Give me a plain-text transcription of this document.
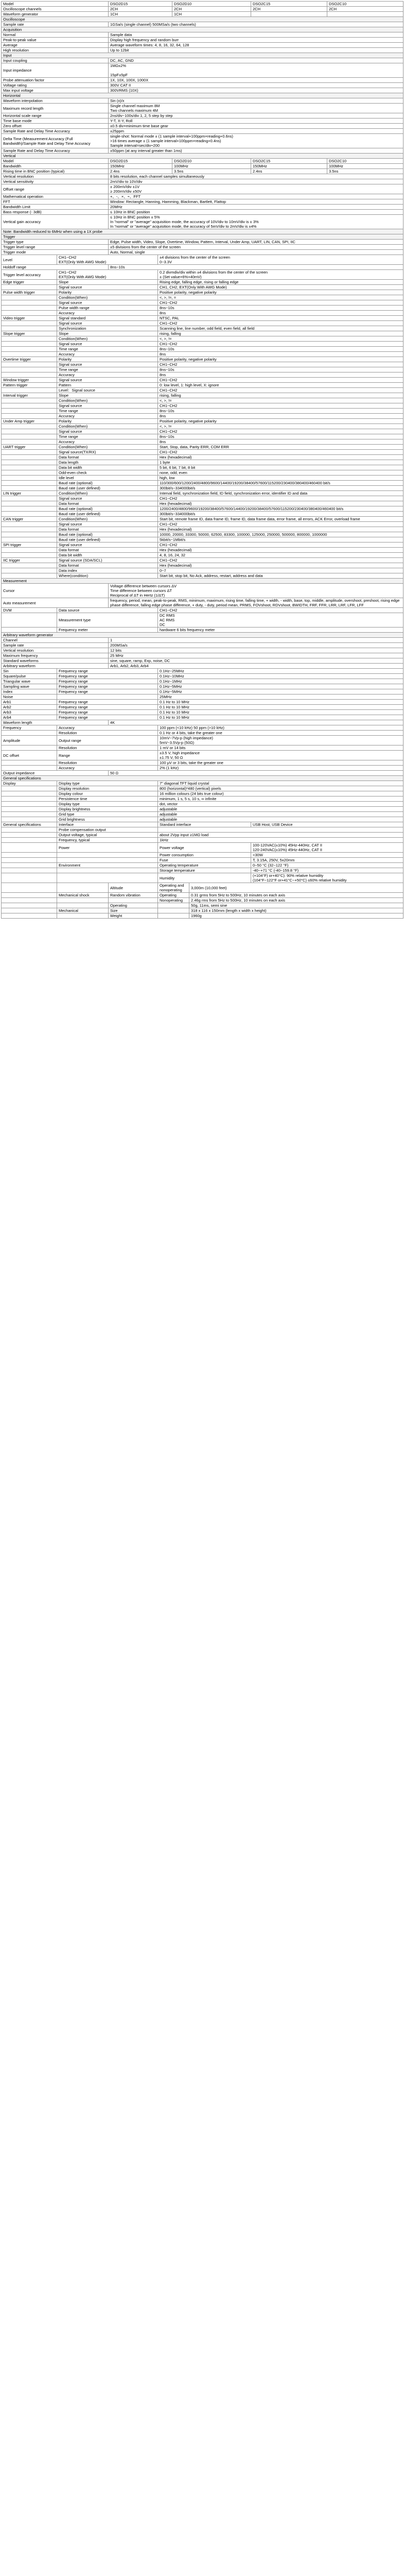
Model		DSO2D15		DSO2D10		DSO2C15	DSO2C10
Oscilloscope channels		2CH		2CH		2CH	2CH
Waveform generator		1CH		1CH			
Oscilloscope							
Sample rate		1GSa/s (single channel) 500MSa/s (two channels)					
Acquisition							
Normal		Sample data					
Peak-to-peak value		Display high frequency and random burr					
Average		Average waveform times: 4, 8, 16, 32, 64, 128					
High resolution		Up to 12bit					
Input							
Input coupling		DC, AC, GND					
Input impedance		1MΩ±2%

15pF±5pF					
Probe attenuation factor		1X, 10X, 100X, 1000X					
Voltage rating		300V CAT II					
Max input voltage		300VRMS (10X)					
Horizontal							
Waveform interpolation		Sin (x)/x					
Maximum record length		Single channel maximum 8M
Two channels maximum 4M					
Horizontal scale range		2ns/div~100s/div 1, 2, 5 step by step					
Time base mode		Y-T, X-Y, Roll					
Zero offset		±0.5 div×minimum time base gear					
Sample Rate and Delay Time Accuracy		±25ppm					
Delta Time (Measurement Accuracy (Full Bandwidth)/Sample Rate and Delay Time Accuracy		single-shot: Normal mode ± (1 sample interval+100ppm×reading+0.6ns)
>16 times average ± (1 sample interval+100ppm×reading+0.4ns)
Sample interval=sec/div÷200					
Sample Rate and Delay Time Accuracy		±50ppm (at any interval greater than 1ms)					
Vertical							
Model		DSO2D15		DSO2D10		DSO2C15	DSO2C10
Bandwidth		150MHz		100MHz		150MHz	100MHz
Rising time in BNC position (typical)		2.4ns		3.5ns		2.4ns	3.5ns
Vertical resolution		8 bits resolution, each channel samples simultaneously					
Vertical sensitivity		2mV/div to 10V/div					
Offset range		± 200mV/div ±1V
≥ 200mV/div ±50V					
Mathematical operation		+、-、×、÷、FFT					
FFT		Window: Rectangle, Hanning, Hamming, Blackman, Bartlett, Flattop					
Bandwidth Limit		20MHz					
Bass response (- 3dB)		≤ 10Hz in BNC position					
Vertical gain accuracy		≤ 10Hz in BNC position ± 5%
In "normal" or "average" acquisition mode, the accuracy of 10V/div to 10mV/div is ± 3%
In "normal" or "average" acquisition mode, the accuracy of 5mV/div to 2mV/div is ±4%					
Note: Bandwidth reduced to 6MHz when using a 1X probe							
Trigger							
Trigger type		Edge, Pulse width, Video, Slope, Overtime, Window, Pattern, Interval, Under Amp, UART, LIN, CAN, SPI, IIC					
Trigger level range		±5 divisions from the center of the screen					
Trigger mode		Auto, Normal, single					
Level	CH1~CH2
EXT(Only With AWG Mode)		±4 divisions from the center of the screen
0~3.3V				
Holdoff range		8ns~10s					
Trigger level accuracy	CH1~CH2
EXT(Only With AWG Mode)		0.2 divmdiv/div within ±4 divisions from the center of the screen
± (Set value×6%+40mV)				
Edge trigger	Slope		Rising edge, falling edge, rising or falling edge				
	Signal source		CH1, CH2, EXT(Only With AWG Mode)				
Pulse width trigger	Polarity		Positive polarity, negative polarity				
	Condition(When)		<, >, !=, =				
	Signal source		CH1~CH2				
	Pulse width range		8ns~10s				
	Accuracy		8ns				
Video trigger	Signal standard		NTSC, PAL				
	Signal source		CH1~CH2				
	Synchronization		Scanning line, line number, odd field, even field, all field				
Slope trigger	Slope		rising, falling				
	Condition(When)		<, >, !=				
	Signal source		CH1~CH2				
	Time range		8ns~10s				
	Accuracy		8ns				
Overtime trigger	Polarity		Positive polarity, negative polarity				
	Signal source		CH1~CH2				
	Time range		8ns~10s				
	Accuracy		8ns				
Window trigger	Signal source		CH1~CH2				
Pattern trigger	Pattern		0: low level, 1: high level, X: ignore				
	Level：Signal source		CH1~CH2				
Interval trigger	Slope		rising, falling				
	Condition(When)		<, >, !=				
	Signal source		CH1~CH2				
	Time range		8ns~10s				
	Accuracy		8ns				
Under Amp trigger	Polarity		Positive polarity, negative polarity				
	Condition(When)		<, >, !=				
	Signal source		CH1~CH2				
	Time range		8ns~10s				
	Accuracy		8ns				
UART trigger	Condition(When)		Start, Stop, data, Parity ERR, COM ERR				
	Signal source(TX/RX)		CH1~CH2				
	Data format		Hex (hexadecimal)				
	Data length		1 byte				
	Data bit width		5 bit, 6 bit, 7 bit, 8 bit				
	Odd-even check		none, odd, even				
	Idle level		high, low				
	Baud rate (optional)		110/300/600/1200/2400/4800/9600/14400/19200/38400/57600/115200/230400/380400/460400 bit/s				
	Baud rate (user defined)		300bit/s~334000bit/s				
LIN trigger	Condition(When)		Interval field, synchronization field, ID field, synchronization error, identifier ID and data				
	Signal source		CH1~CH2				
	Data format		Hex (hexadecimal)				
	Baud rate (optional)		1200/2400/4800/9600/19200/38400/57600/14400/19200/38400/57600/115200/230400/380400/460400 bit/s				
	Baud rate (user defined)		300bit/s~334000bit/s				
CAN trigger	Condition(When)		Start bit, remote frame ID, data frame ID, frame ID, data frame data, error frame, all errors, ACK Error, overload frame				
	Signal source		CH1~CH2				
	Data format		Hex (hexadecimal)				
	Baud rate (optional)		10000, 20000, 33300, 50000, 62500, 83300, 100000, 125000, 250000, 500000, 800000, 1000000				
	Baud rate (user defined)		5kbit/s~1Mbit/s				
SPI trigger	Signal source		CH1~CH2				
	Data format		Hex (hexadecimal)				
	Data bit width		4, 8, 16, 24, 32				
IIC trigger	Signal source (SDA/SCL)		CH1~CH2				
	Data format		Hex (hexadecimal)				
	Data index		0~7				
	Where(condition)		Start bit, stop bit, No Ack, address, restart, address and data				
Measurement							
Cursor		Voltage difference between cursors ΔV
Time difference between cursors ΔT
Reciprocal of ΔT in Hertz (1/ΔT)					
Auto measurement		frequency, period, mean, peak-to-peak, RMS, minimum, maximum, rising time, falling time, + width, - width, base, top, middle, amplitude, overshoot, preshoot, rising edge phase difference, falling edge phase difference, + duty, - duty, period mean, PRMS, FOVshoot, RDVshoot, BWIDTH, FRF, FFR, LRR, LRF, LFR, LFF					
DVM	Data source		CH1~CH2				
	Measurement type		DC RMS
AC RMS
DC				
	Frequency meter		hardware 6 bits frequency meter				
Arbitrary waveform generator							
Channel		1					
Sample rate		200MSa/s					
Vertical resolution		12 bits					
Maximum frequency		25 MHz					
Standard waveforms		sine, square, ramp, Exp, noise, DC					
Arbitrary waveform		Arb1, Arb2, Arb3, Arb4					
Sin	Frequency range		0.1Hz~25MHz				
Square/pulse	Frequency range		0.1Hz~10MHz				
Triangular wave	Frequency range		0.1Hz~1MHz				
Sampling wave	Frequency range		0.1Hz~5MHz				
Index	Frequency range		0.1Hz~5MHz				
Noise			25MHz				
Arb1	Frequency range		0.1 Hz to 10 MHz				
Arb2	Frequency range		0.1 Hz to 10 MHz				
Arb3	Frequency range		0.1 Hz to 10 MHz				
Arb4	Frequency range		0.1 Hz to 10 MHz				
Waveform length		4K					
Frequency	Accuracy		100 ppm (<10 kHz) 50 ppm (>10 kHz)				
	Resolution		0.1 Hz or 4 bits, take the greater one				
Amplitude	Output range		10mV~7Vp-p (high impedance)
5mV~3.5Vp-p (50Ω)				
	Resolution		1 mV or 14 bits				
DC offset	Range		±3.5 V, high impedance
±1.75 V, 50 Ω				
	Resolution		100 μV or 3 bits, take the greater one				
	Accuracy		2% (1 kHz)				
Output impedance		50 Ω					
General specifications							
Display	Display type		7" diagonal TFT liquid crystal				
	Display resolution		800 (horizontal)*480 (vertical) pixels				
	Display colour		16 million colours (24 bits true colour)				
	Persistence time		minimum, 1 s, 5 s, 10 s, ∞ infinite				
	Display type		dot, vector				
	Display brightness		adjustable				
	Grid type		adjustable				
	Grid brightness		adjustable				
General specifications	Interface		Standard interface			USB Host, USB Device	
	Probe compensation output						
	Output voltage, typical		about 2Vpp input ≥1MΩ load				
	Frequency, typical		1kHz				
	Power		Power voltage			100-120VAC(±10%) 45Hz-440Hz, CAT II
120-240VAC(±10%) 45Hz-440Hz, CAT II	
			Power consumption			<30W	
			Fuse			T, 3.15A, 250V, 5x20mm	
	Environment		Operating temperature			0~50 °C (32~122 °F)	
			Storage temperature			-40~+71 °C (-40~159.8 °F)	
			Humidity			(+104°F) or+40°C): 90% relative humidity
(104°F~122°F or+41°C~+50°C) ≤60% relative humidity	
		Altitude	Operating and nonoperating		3,000m (10,000 feet)		
	Mechanical shock	Random vibration	Operating		0.31 grms from 5Hz to 500Hz, 10 minutes on each axis		
			Nonoperating		2.46g rms from 5Hz to 500Hz, 10 minutes on each axis		
		Operating			50g, 11ms, semi sine		
	Mechanical	Size			318 x 116 x 150mm (length x width x height)		
		Weight			1960g		
